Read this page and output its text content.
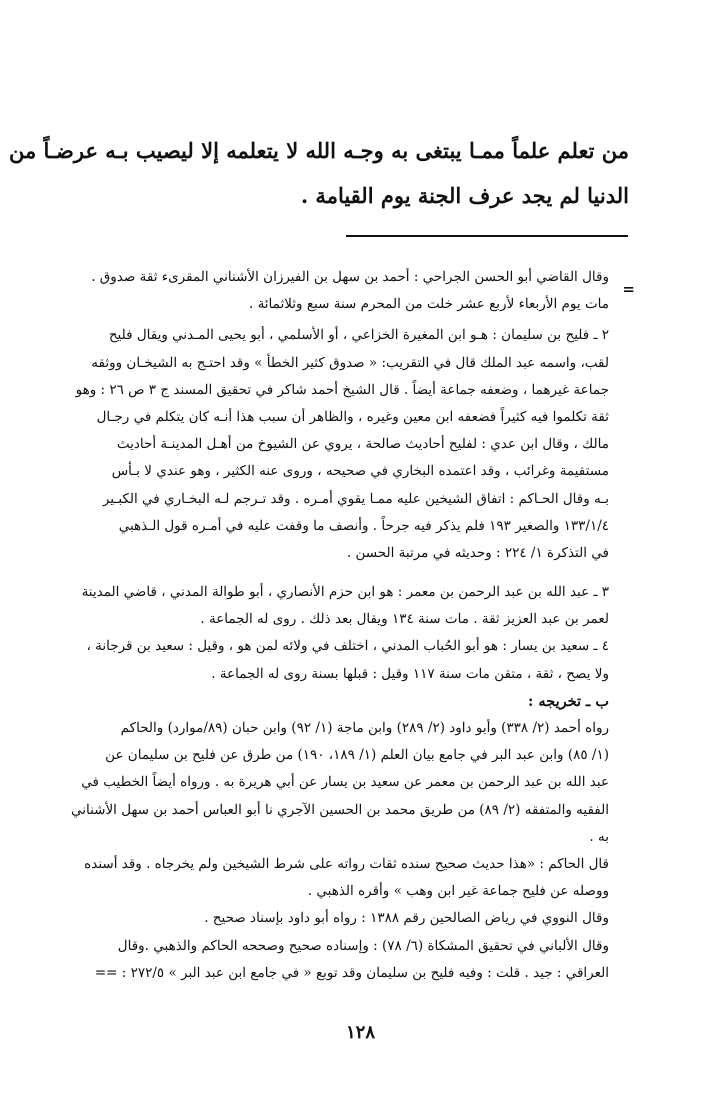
من تعلم علماً ممـا يبتغى به وجـه الله لا يتعلمه إلا ليصيب بـه عرضـاً من

الدنيا لم يجد عرف الجنة يوم القيامة .

=

وقال القاضي أبو الحسن الجراحي : أحمد بن سهل بن الفيرزان الأشناني المقرىء ثقة صدوق .

مات يوم الأربعاء لأربع عشر خلت من المحرم سنة سبع وثلاثمائة .

٢ ـ فليح بن سليمان : هـو ابن المغيرة الخزاعي ، أو الأسلمي ، أبو يحيى المـدني ويقال فليح

لقب، واسمه عبد الملك قال في التقريب: « صدوق كثير الخطأ » وقد احتـج به الشيخـان ووثقه

جماعة غيرهما ، وضعفه جماعة أيضاً . قال الشيخ أحمد شاكر في تحقيق المسند ج ٣ ص ٢٦ : وهو

ثقة تكلموا فيه كثيراً فضعفه ابن معين وغيره ، والظاهر أن سبب هذا أنـه كان يتكلم في رجـال

مالك ، وقال ابن عدي : لفليح أحاديث صالحة ، يروي عن الشيوخ من أهـل المدينـة أحاديث

مستقيمة وغرائب ، وقد اعتمده البخاري في صحيحه ، وروى عنه الكثير ، وهو عندي لا بـأس

بـه وقال الحـاكم : اتفاق الشيخين عليه ممـا يقوي أمـره . وقد تـرجم لـه البخـاري في الكبـير

١٣٣/١/٤ والصغير ١٩٣ فلم يذكر فيه جرحاً . وأنصف ما وقفت عليه في أمـره قول الـذهبي

في التذكرة ١/ ٢٢٤ : وحديثه في مرتبة الحسن .

٣ ـ عبد الله بن عبد الرحمن بن معمر : هو ابن حزم الأنصاري ، أبو طوالة المدني ، قاضي المدينة

لعمر بن عبد العزيز ثقة . مات سنة ١٣٤ ويقال بعد ذلك . روى له الجماعة .

٤ ـ سعيد بن يسار : هو أبو الحُباب المدني ، اختلف في ولائه لمن هو ، وقيل : سعيد بن قرجانة ،

ولا يصح ، ثقة ، متقن مات سنة ١١٧ وقيل : قبلها بسنة روى له الجماعة .

ب ـ تخريجه :

رواه أحمد (٢/ ٣٣٨) وأبو داود (٢/ ٢٨٩) وابن ماجة (١/ ٩٢) وابن حبان (٨٩/موارد) والحاكم

(١/ ٨٥) وابن عبد البر في جامع بيان العلم (١/ ١٨٩، ١٩٠) من طرق عن فليح بن سليمان عن

عبد الله بن عبد الرحمن بن معمر عن سعيد بن يسار عن أبي هريرة به . ورواه أيضاً الخطيب في

الفقيه والمتفقه (٢/ ٨٩) من طريق محمد بن الحسين الآجري نا أبو العباس أحمد بن سهل الأشناني

به .

قال الحاكم : «هذا حديث صحيح سنده ثقات رواته على شرط الشيخين ولم يخرجاه . وقد أسنده

ووصله عن فليح جماعة غير ابن وهب » وأقره الذهبي .

وقال النووي في رياض الصالحين رقم ١٣٨٨ : رواه أبو داود بإسناد صحيح .

وقال الألباني في تحقيق المشكاة (٦/ ٧٨) : وإسناده صحيح وصححه الحاكم والذهبي .وقال

العراقي : جيد . قلت : وفيه فليح بن سليمان وقد توبع « في جامع ابن عبد البر » ٢٧٢/٥ : ==

١٢٨
